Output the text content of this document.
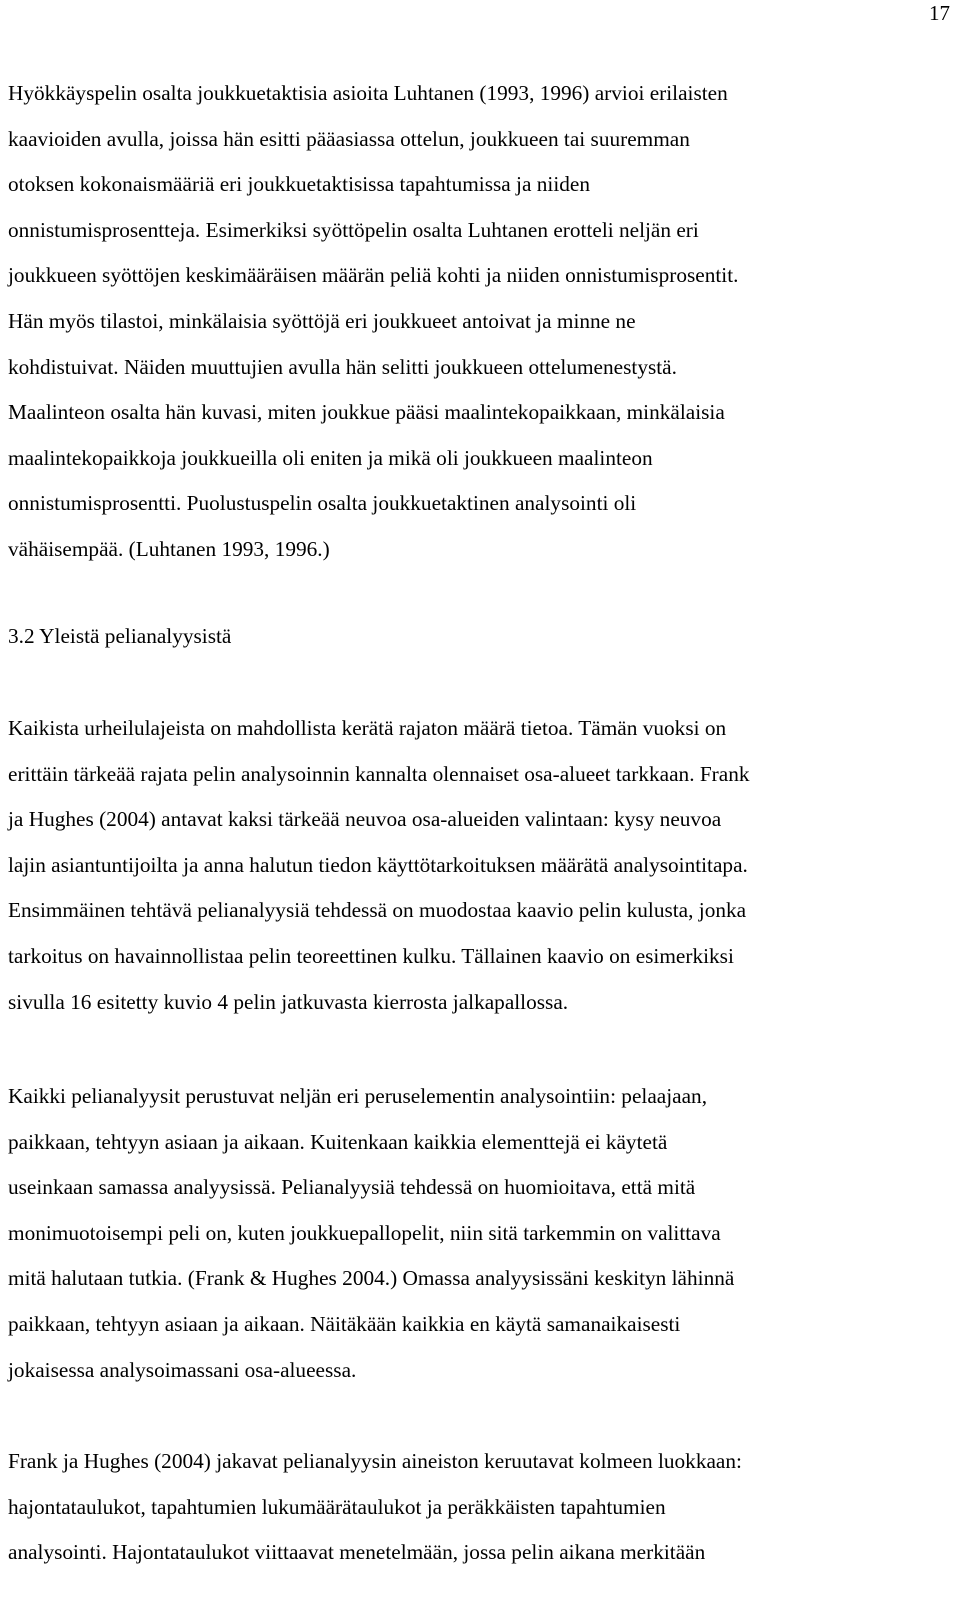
17

Hyökkäyspelin osalta joukkuetaktisia asioita Luhtanen (1993, 1996) arvioi erilaisten
kaavioiden avulla, joissa hän esitti pääasiassa ottelun, joukkueen tai suuremman
otoksen kokonaismääriä eri joukkuetaktisissa tapahtumissa ja niiden
onnistumisprosentteja. Esimerkiksi syöttöpelin osalta Luhtanen erotteli neljän eri
joukkueen syöttöjen keskimääräisen määrän peliä kohti ja niiden onnistumisprosentit.
Hän myös tilastoi, minkälaisia syöttöjä eri joukkueet antoivat ja minne ne
kohdistuivat. Näiden muuttujien avulla hän selitti joukkueen ottelumenestystä.
Maalinteon osalta hän kuvasi, miten joukkue pääsi maalintekopaikkaan, minkälaisia
maalintekopaikkoja joukkueilla oli eniten ja mikä oli joukkueen maalinteon
onnistumisprosentti. Puolustuspelin osalta joukkuetaktinen analysointi oli
vähäisempää. (Luhtanen 1993, 1996.)

3.2 Yleistä pelianalyysistä

Kaikista urheilulajeista on mahdollista kerätä rajaton määrä tietoa. Tämän vuoksi on
erittäin tärkeää rajata pelin analysoinnin kannalta olennaiset osa-alueet tarkkaan. Frank
ja Hughes (2004) antavat kaksi tärkeää neuvoa osa-alueiden valintaan: kysy neuvoa
lajin asiantuntijoilta ja anna halutun tiedon käyttötarkoituksen määrätä analysointitapa.
Ensimmäinen tehtävä pelianalyysiä tehdessä on muodostaa kaavio pelin kulusta, jonka
tarkoitus on havainnollistaa pelin teoreettinen kulku. Tällainen kaavio on esimerkiksi
sivulla 16 esitetty kuvio 4 pelin jatkuvasta kierrosta jalkapallossa.

Kaikki pelianalyysit perustuvat neljän eri peruselementin analysointiin: pelaajaan,
paikkaan, tehtyyn asiaan ja aikaan. Kuitenkaan kaikkia elementtejä ei käytetä
useinkaan samassa analyysissä. Pelianalyysiä tehdessä on huomioitava, että mitä
monimuotoisempi peli on, kuten joukkuepallopelit, niin sitä tarkemmin on valittava
mitä halutaan tutkia. (Frank & Hughes 2004.) Omassa analyysissäni keskityn lähinnä
paikkaan, tehtyyn asiaan ja aikaan. Näitäkään kaikkia en käytä samanaikaisesti
jokaisessa analysoimassani osa-alueessa.

Frank ja Hughes (2004) jakavat pelianalyysin aineiston keruutavat kolmeen luokkaan:
hajontataulukot, tapahtumien lukumäärätaulukot ja peräkkäisten tapahtumien
analysointi. Hajontataulukot viittaavat menetelmään, jossa pelin aikana merkitään
